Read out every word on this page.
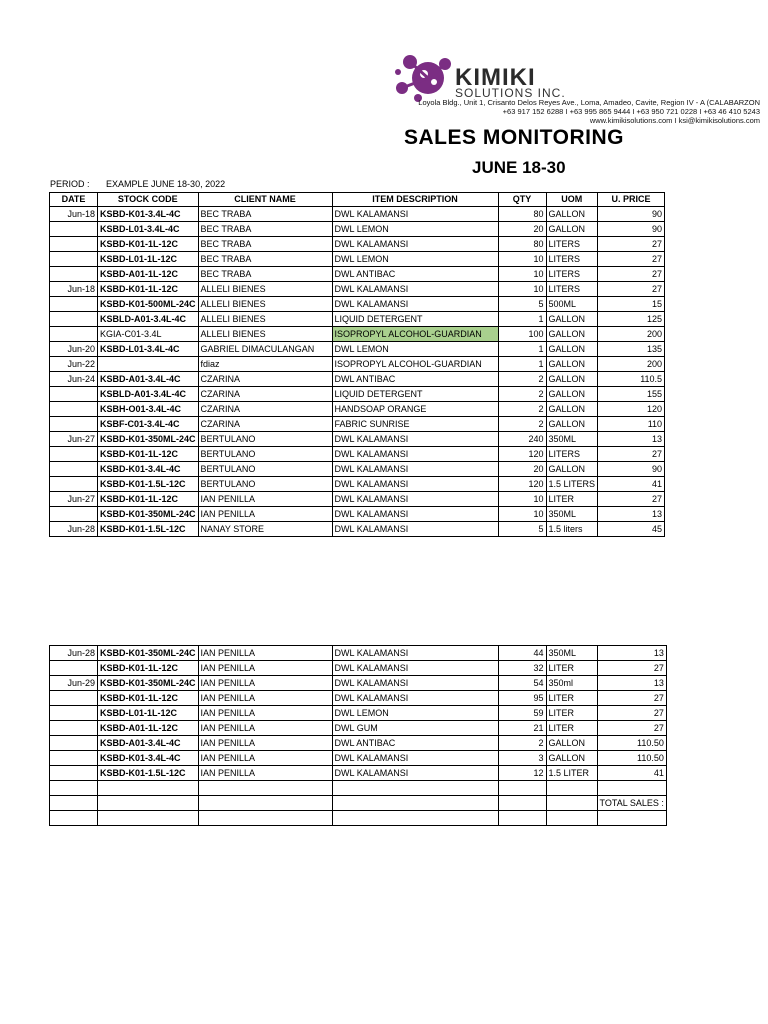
KIMIKI
SOLUTIONS INC.
Loyola Bldg., Unit 1, Crisanto Delos Reyes Ave., Loma, Amadeo, Cavite, Region IV - A (CALABARZON
+63 917 152 6288 I +63 995 865 9444 I +63 950 721 0228 I +63 46 410 5243
www.kimikisolutions.com I ksi@kimikisolutions.com
SALES MONITORING
JUNE 18-30
PERIOD : EXAMPLE JUNE 18-30, 2022
DATE	STOCK CODE	CLIENT NAME	ITEM DESCRIPTION	QTY	UOM	U. PRICE
Jun-18	KSBD-K01-3.4L-4C	BEC TRABA	DWL KALAMANSI	80	GALLON	90
	KSBD-L01-3.4L-4C	BEC TRABA	DWL LEMON	20	GALLON	90
	KSBD-K01-1L-12C	BEC TRABA	DWL KALAMANSI	80	LITERS	27
	KSBD-L01-1L-12C	BEC TRABA	DWL LEMON	10	LITERS	27
	KSBD-A01-1L-12C	BEC TRABA	DWL ANTIBAC	10	LITERS	27
Jun-18	KSBD-K01-1L-12C	ALLELI BIENES	DWL KALAMANSI	10	LITERS	27
	KSBD-K01-500ML-24C	ALLELI BIENES	DWL KALAMANSI	5	500ML	15
	KSBLD-A01-3.4L-4C	ALLELI BIENES	LIQUID DETERGENT	1	GALLON	125
	KGIA-C01-3.4L	ALLELI BIENES	ISOPROPYL ALCOHOL-GUARDIAN	100	GALLON	200
Jun-20	KSBD-L01-3.4L-4C	GABRIEL DIMACULANGAN	DWL LEMON	1	GALLON	135
Jun-22		fdiaz	ISOPROPYL ALCOHOL-GUARDIAN	1	GALLON	200
Jun-24	KSBD-A01-3.4L-4C	CZARINA	DWL ANTIBAC	2	GALLON	110.5
	KSBLD-A01-3.4L-4C	CZARINA	LIQUID DETERGENT	2	GALLON	155
	KSBH-O01-3.4L-4C	CZARINA	HANDSOAP ORANGE	2	GALLON	120
	KSBF-C01-3.4L-4C	CZARINA	FABRIC SUNRISE	2	GALLON	110
Jun-27	KSBD-K01-350ML-24C	BERTULANO	DWL KALAMANSI	240	350ML	13
	KSBD-K01-1L-12C	BERTULANO	DWL KALAMANSI	120	LITERS	27
	KSBD-K01-3.4L-4C	BERTULANO	DWL KALAMANSI	20	GALLON	90
	KSBD-K01-1.5L-12C	BERTULANO	DWL KALAMANSI	120	1.5 LITERS	41
Jun-27	KSBD-K01-1L-12C	IAN PENILLA	DWL KALAMANSI	10	LITER	27
	KSBD-K01-350ML-24C	IAN PENILLA	DWL KALAMANSI	10	350ML	13
Jun-28	KSBD-K01-1.5L-12C	NANAY STORE	DWL KALAMANSI	5	1.5 liters	45
Jun-28	KSBD-K01-350ML-24C	IAN PENILLA	DWL KALAMANSI	44	350ML	13
	KSBD-K01-1L-12C	IAN PENILLA	DWL KALAMANSI	32	LITER	27
Jun-29	KSBD-K01-350ML-24C	IAN PENILLA	DWL KALAMANSI	54	350ml	13
	KSBD-K01-1L-12C	IAN PENILLA	DWL KALAMANSI	95	LITER	27
	KSBD-L01-1L-12C	IAN PENILLA	DWL LEMON	59	LITER	27
	KSBD-A01-1L-12C	IAN PENILLA	DWL GUM	21	LITER	27
	KSBD-A01-3.4L-4C	IAN PENILLA	DWL ANTIBAC	2	GALLON	110.50
	KSBD-K01-3.4L-4C	IAN PENILLA	DWL KALAMANSI	3	GALLON	110.50
	KSBD-K01-1.5L-12C	IAN PENILLA	DWL KALAMANSI	12	1.5 LITER	41

						TOTAL SALES :
